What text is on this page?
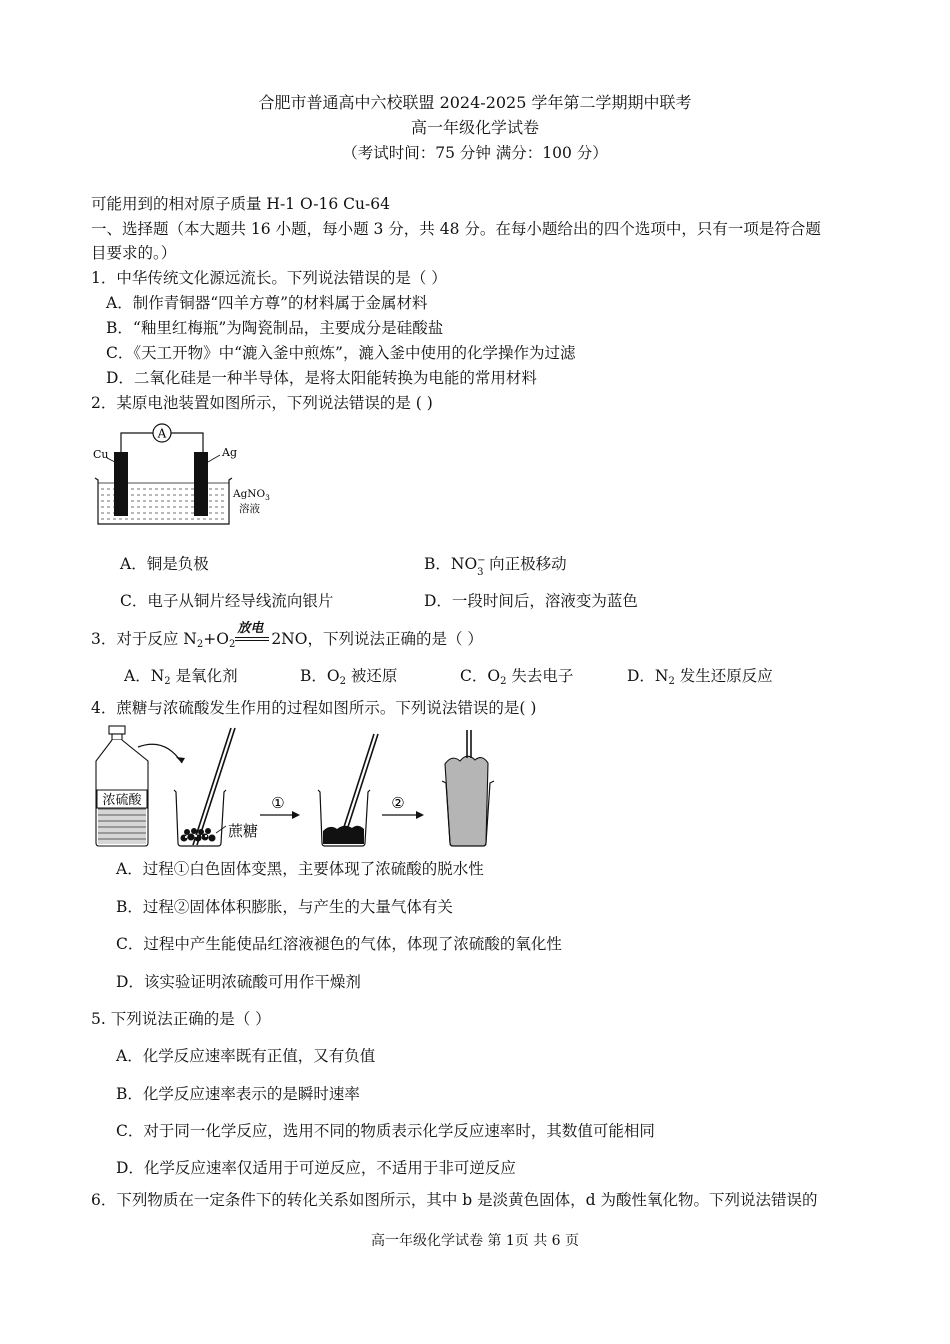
合肥市普通高中六校联盟 2024-2025 学年第二学期期中联考
高一年级化学试卷
（考试时间：75 分钟 满分：100 分）
可能用到的相对原子质量 H-1 O-16 Cu-64
一、选择题（本大题共 16 小题，每小题 3 分，共 48 分。在每小题给出的四个选项中，只有一项是符合题
目要求的。）
1．中华传统文化源远流长。下列说法错误的是（ ）
A．制作青铜器“四羊方尊”的材料属于金属材料
B．“釉里红梅瓶”为陶瓷制品，主要成分是硅酸盐
C．《天工开物》中“漉入釜中煎炼”，漉入釜中使用的化学操作为过滤
D．二氧化硅是一种半导体，是将太阳能转换为电能的常用材料
2．某原电池装置如图所示，下列说法错误的是 ( )
A
Cu	Ag
AgNO$_3$
溶液
A．铜是负极	B．NO −
3 向正极移动
C．电子从铜片经导线流向银片	D．一段时间后，溶液变为蓝色
3．对于反应 $N_2+O_2$
放电
2NO，下列说法正确的是（ ）
A．$N_2$ 是氧化剂	B．$O_2$ 被还原	C．$O_2$ 失去电子	D．$N_2$ 发生还原反应
4．蔗糖与浓硫酸发生作用的过程如图所示。下列说法错误的是( )
浓硫酸
蔗糖
①	②
A．过程①白色固体变黑，主要体现了浓硫酸的脱水性
B．过程②固体体积膨胀，与产生的大量气体有关
C．过程中产生能使品红溶液褪色的气体，体现了浓硫酸的氧化性
D．该实验证明浓硫酸可用作干燥剂
5. 下列说法正确的是（ ）
A．化学反应速率既有正值，又有负值
B．化学反应速率表示的是瞬时速率
C．对于同一化学反应，选用不同的物质表示化学反应速率时，其数值可能相同
D．化学反应速率仅适用于可逆反应，不适用于非可逆反应
6．下列物质在一定条件下的转化关系如图所示，其中 b 是淡黄色固体，d 为酸性氧化物。下列说法错误的
高一年级化学试卷 第 1页 共 6 页
